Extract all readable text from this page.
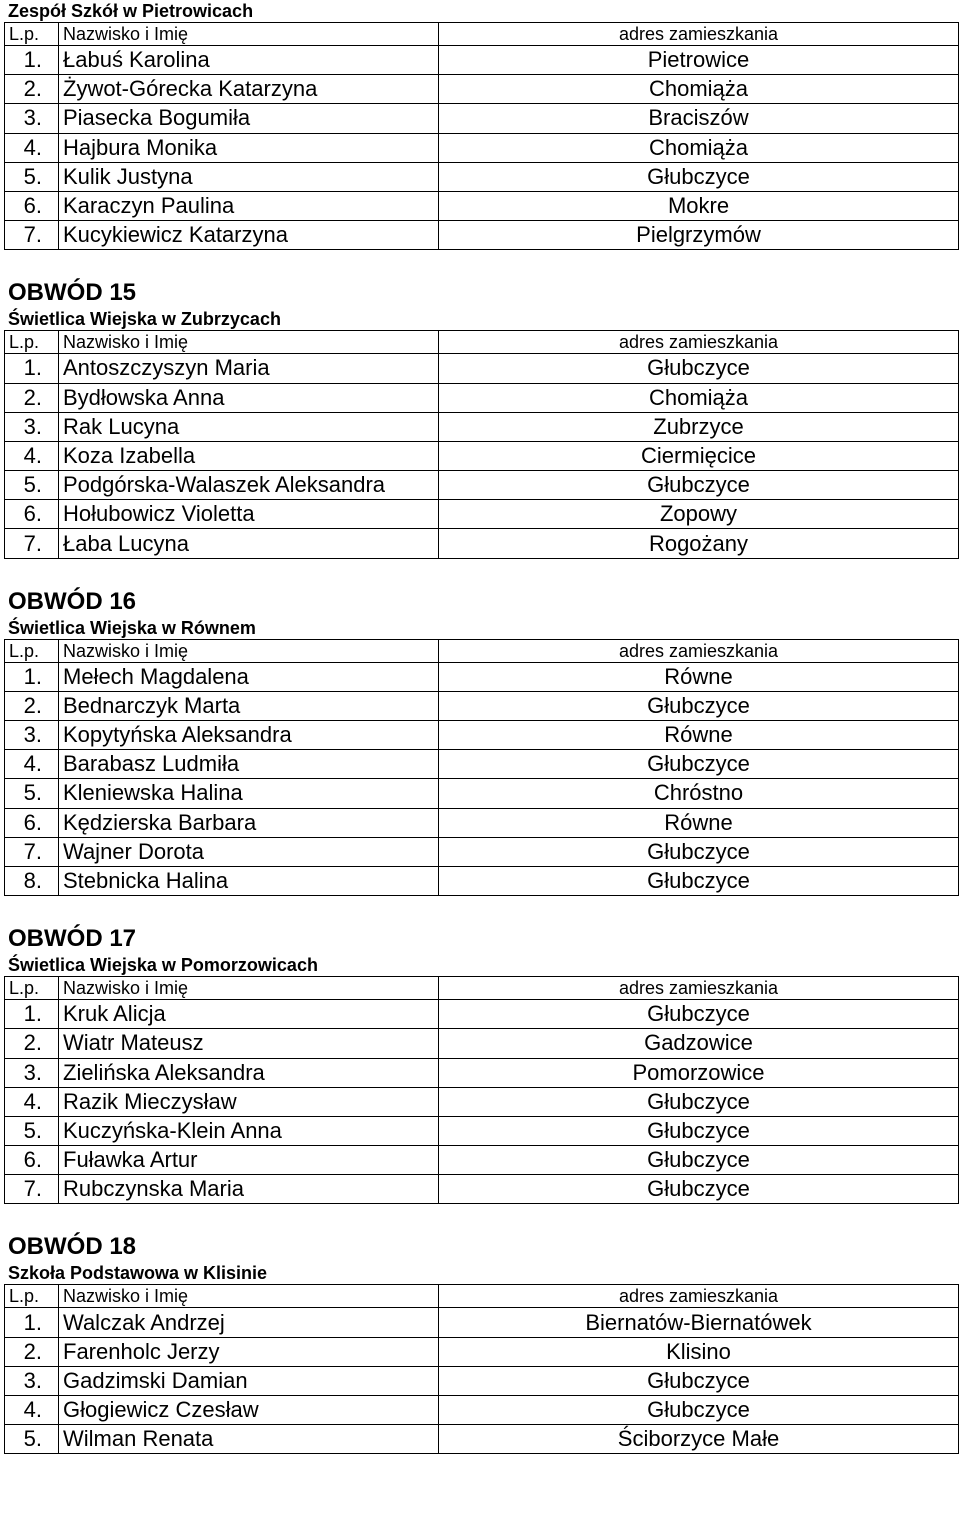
Zespół Szkół w Pietrowicach
L.p.	Nazwisko i Imię	adres zamieszkania
1.	Łabuś Karolina	Pietrowice
2.	Żywot-Górecka Katarzyna	Chomiąża
3.	Piasecka Bogumiła	Braciszów
4.	Hajbura Monika	Chomiąża
5.	Kulik Justyna	Głubczyce
6.	Karaczyn Paulina	Mokre
7.	Kucykiewicz Katarzyna	Pielgrzymów
OBWÓD 15
Świetlica Wiejska w Zubrzycach
L.p.	Nazwisko i Imię	adres zamieszkania
1.	Antoszczyszyn Maria	Głubczyce
2.	Bydłowska Anna	Chomiąża
3.	Rak Lucyna	Zubrzyce
4.	Koza Izabella	Ciermięcice
5.	Podgórska-Walaszek Aleksandra	Głubczyce
6.	Hołubowicz Violetta	Zopowy
7.	Łaba Lucyna	Rogożany
OBWÓD 16
Świetlica Wiejska w Równem
L.p.	Nazwisko i Imię	adres zamieszkania
1.	Mełech Magdalena	Równe
2.	Bednarczyk Marta	Głubczyce
3.	Kopytyńska Aleksandra	Równe
4.	Barabasz Ludmiła	Głubczyce
5.	Kleniewska Halina	Chróstno
6.	Kędzierska Barbara	Równe
7.	Wajner Dorota	Głubczyce
8.	Stebnicka Halina	Głubczyce
OBWÓD 17
Świetlica Wiejska w Pomorzowicach
L.p.	Nazwisko i Imię	adres zamieszkania
1.	Kruk Alicja	Głubczyce
2.	Wiatr Mateusz	Gadzowice
3.	Zielińska Aleksandra	Pomorzowice
4.	Razik Mieczysław	Głubczyce
5.	Kuczyńska-Klein Anna	Głubczyce
6.	Fuławka Artur	Głubczyce
7.	Rubczynska Maria	Głubczyce
OBWÓD 18
Szkoła Podstawowa w Klisinie
L.p.	Nazwisko i Imię	adres zamieszkania
1.	Walczak Andrzej	Biernatów-Biernatówek
2.	Farenholc Jerzy	Klisino
3.	Gadzimski Damian	Głubczyce
4.	Głogiewicz Czesław	Głubczyce
5.	Wilman Renata	Ściborzyce Małe
